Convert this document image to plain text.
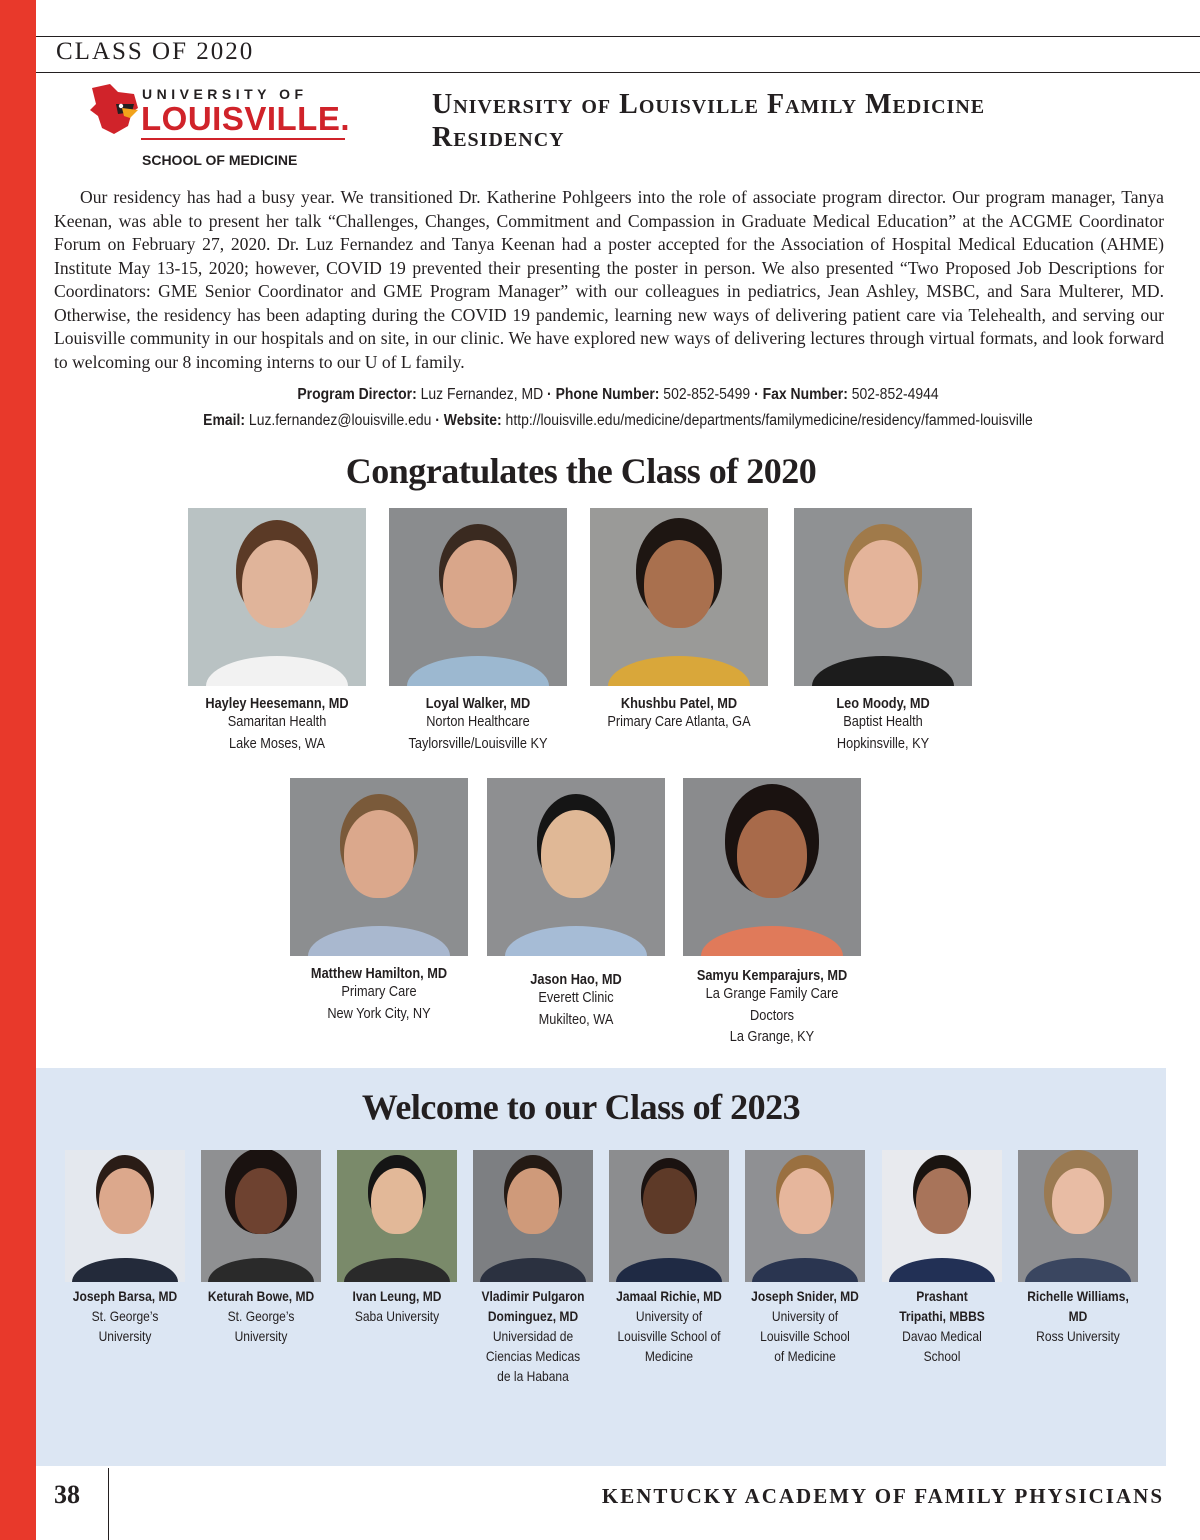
CLASS OF 2020
UNIVERSITY OF
LOUISVILLE.
SCHOOL OF MEDICINE
University of Louisville Family Medicine Residency

Our residency has had a busy year. We transitioned Dr. Katherine Pohlgeers into the role of associate program director. Our program manager, Tanya Keenan, was able to present her talk “Challenges, Changes, Commitment and Compassion in Graduate Medical Education” at the ACGME Coordinator Forum on February 27, 2020. Dr. Luz Fernandez and Tanya Keenan had a poster accepted for the Association of Hospital Medical Education (AHME) Institute May 13-15, 2020; however, COVID 19 prevented their presenting the poster in person. We also presented “Two Proposed Job Descriptions for Coordinators: GME Senior Coordinator and GME Program Manager” with our colleagues in pediatrics, Jean Ashley, MSBC, and Sara Multerer, MD. Otherwise, the residency has been adapting during the COVID 19 pandemic, learning new ways of delivering patient care via Telehealth, and serving our Louisville community in our hospitals and on site, in our clinic. We have explored new ways of delivering lectures through virtual formats, and look forward to welcoming our 8 incoming interns to our U of L family.

Program Director: Luz Fernandez, MD · Phone Number: 502-852-5499 · Fax Number: 502-852-4944
Email: Luz.fernandez@louisville.edu · Website: http://louisville.edu/medicine/departments/familymedicine/residency/fammed-louisville
Congratulates the Class of 2020
Hayley Heesemann, MD
Samaritan Health
Lake Moses, WA
Loyal Walker, MD
Norton Healthcare
Taylorsville/Louisville KY
Khushbu Patel, MD
Primary Care Atlanta, GA
Leo Moody, MD
Baptist Health
Hopkinsville, KY
Matthew Hamilton, MD
Primary Care
New York City, NY
Jason Hao, MD
Everett Clinic
Mukilteo, WA
Samyu Kemparajurs, MD
La Grange Family Care
Doctors
La Grange, KY
Welcome to our Class of 2023
Joseph Barsa, MD
St. George’s
University
Keturah Bowe, MD
St. George’s
University
Ivan Leung, MD
Saba University
Vladimir Pulgaron
Dominguez, MD
Universidad de
Ciencias Medicas
de la Habana
Jamaal Richie, MD
University of
Louisville School of
Medicine
Joseph Snider, MD
University of
Louisville School
of Medicine
Prashant
Tripathi, MBBS
Davao Medical
School
Richelle Williams, MD
Ross University
38	KENTUCKY ACADEMY OF FAMILY PHYSICIANS
